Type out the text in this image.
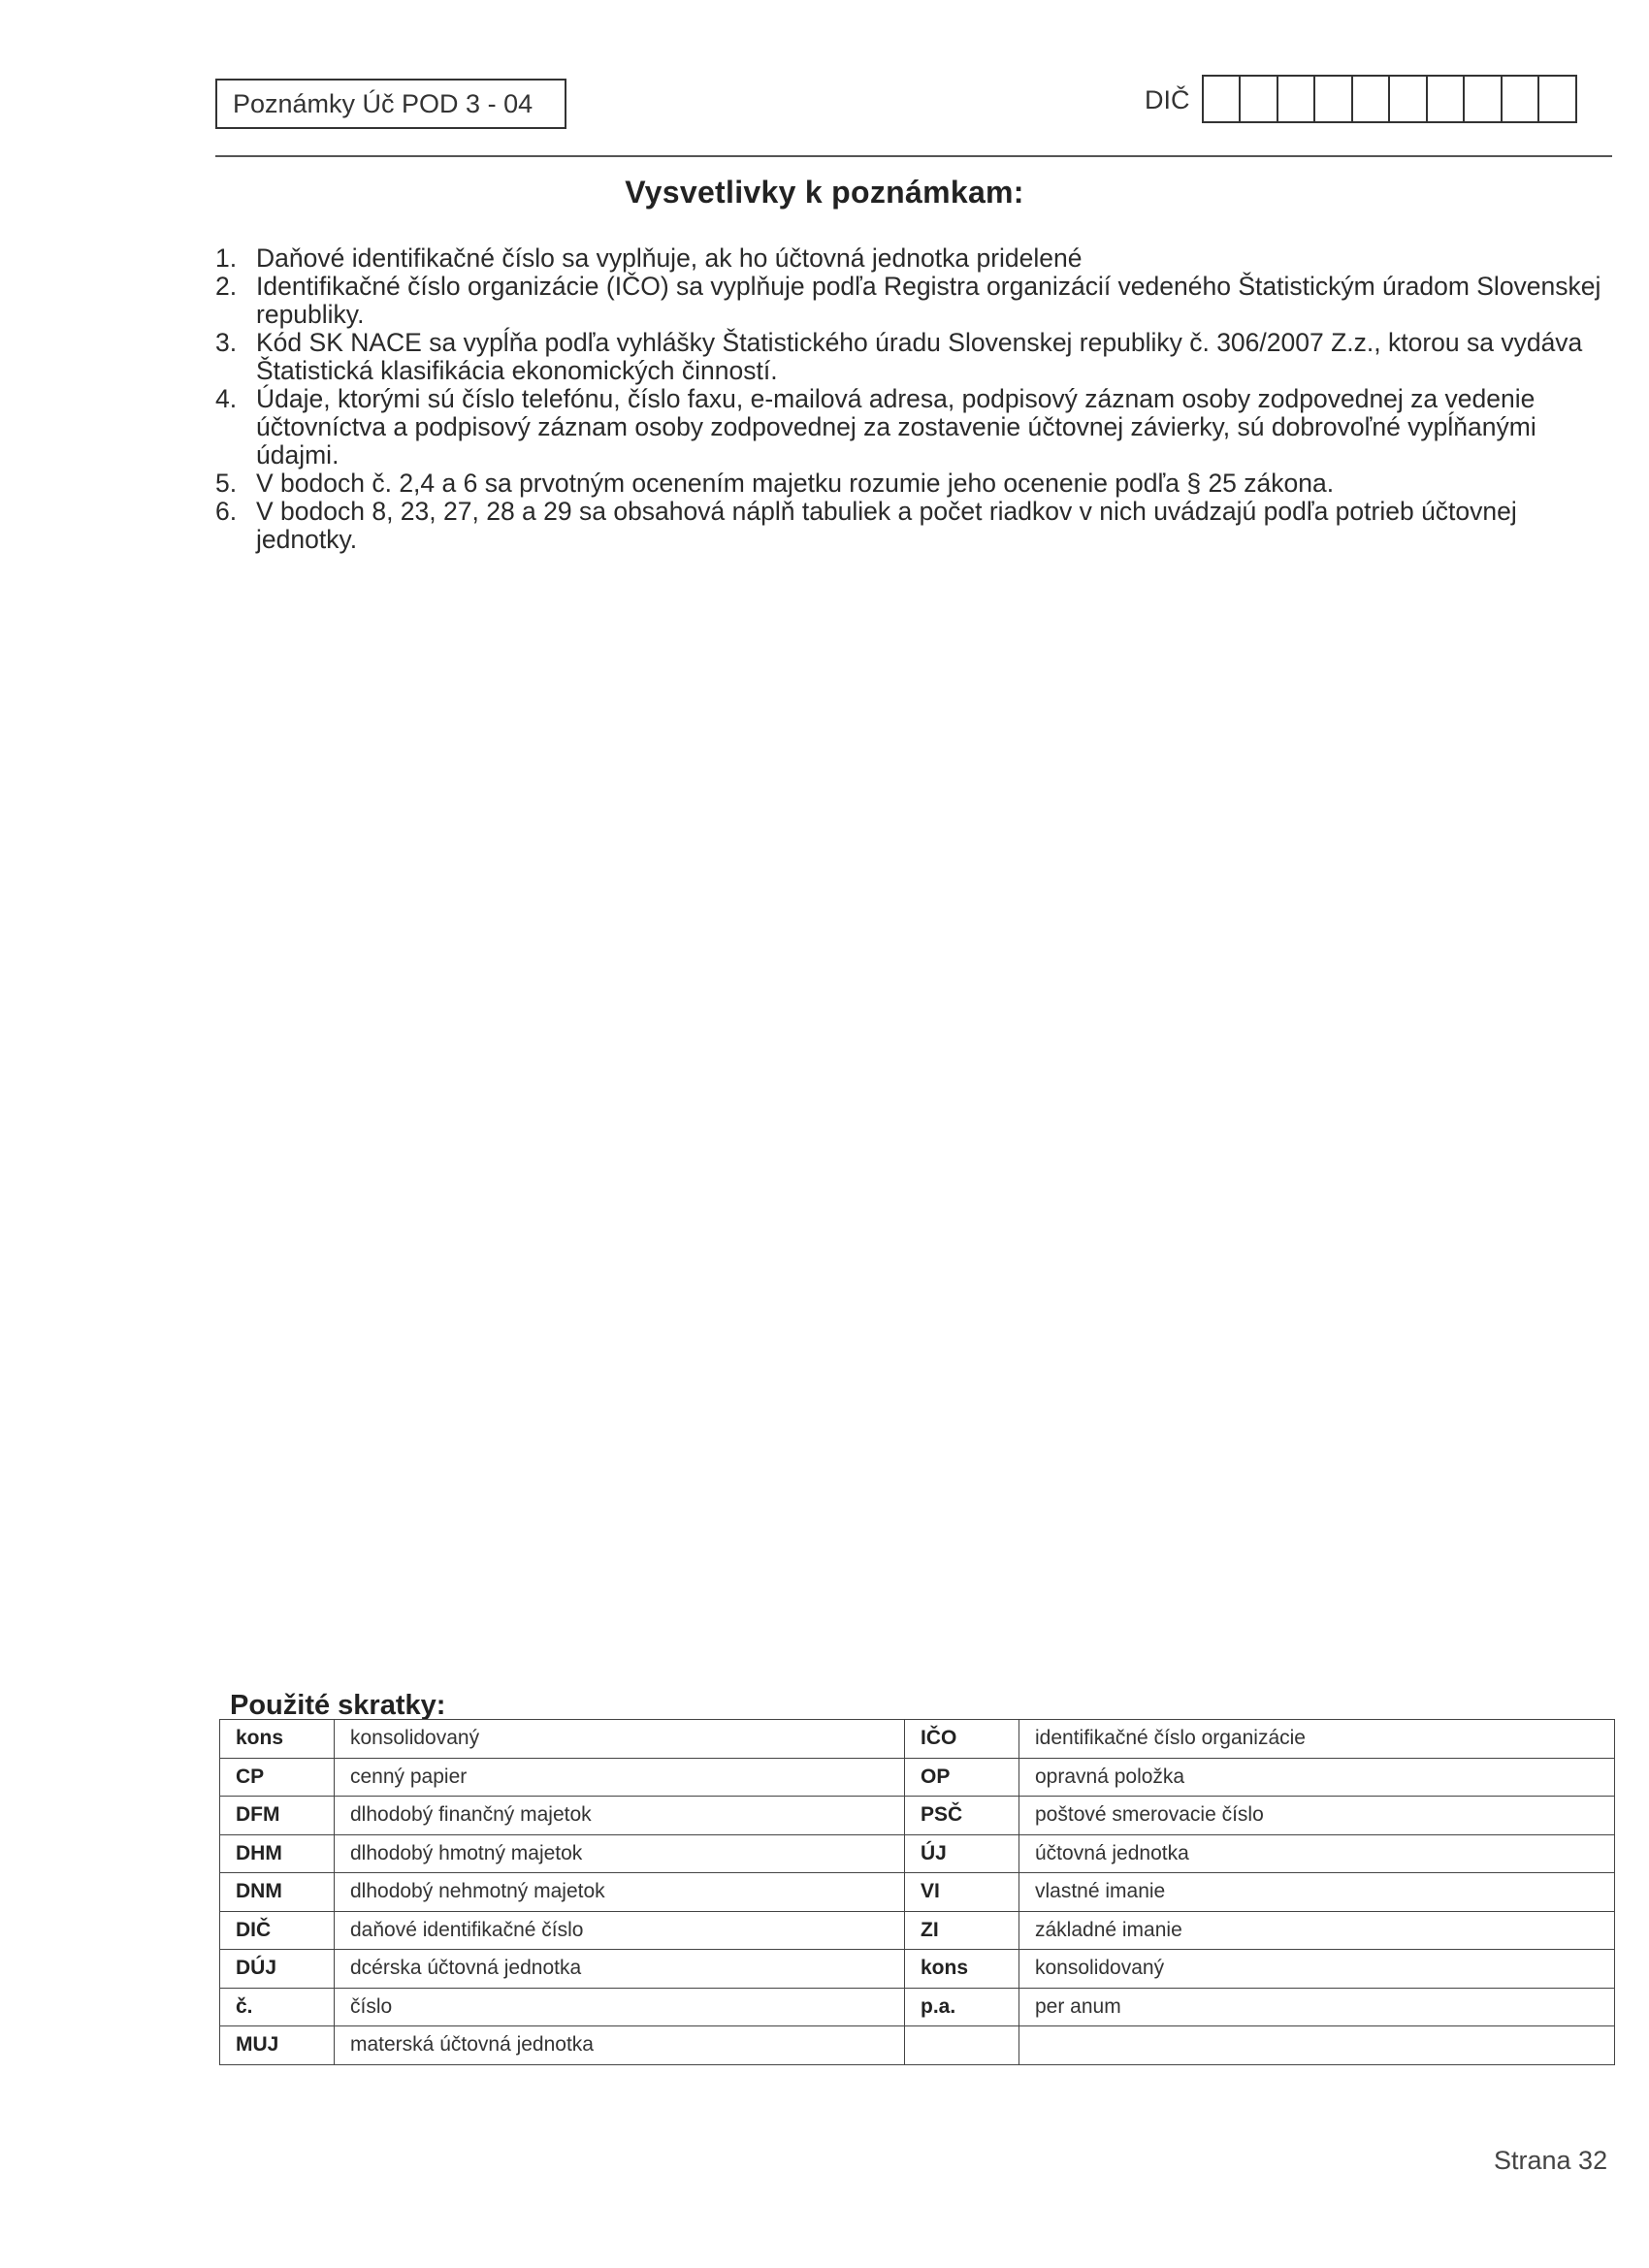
Poznámky Úč POD 3 - 04	DIČ
Vysvetlivky k poznámkam:
1. Daňové identifikačné číslo sa vyplňuje, ak ho účtovná jednotka pridelené
2. Identifikačné číslo organizácie (IČO) sa vyplňuje podľa Registra organizácií vedeného Štatistickým úradom Slovenskej republiky.
3. Kód SK NACE sa vypĺňa podľa vyhlášky Štatistického úradu Slovenskej republiky č. 306/2007 Z.z., ktorou sa vydáva Štatistická klasifikácia ekonomických činností.
4. Údaje, ktorými sú číslo telefónu, číslo faxu, e-mailová adresa, podpisový záznam osoby zodpovednej za vedenie účtovníctva a podpisový záznam osoby zodpovednej za zostavenie účtovnej závierky, sú dobrovoľné vypĺňanými údajmi.
5. V bodoch č. 2,4 a 6 sa prvotným ocenením majetku rozumie jeho ocenenie podľa § 25 zákona.
6. V bodoch 8, 23, 27, 28 a 29 sa obsahová náplň tabuliek a počet riadkov v nich uvádzajú podľa potrieb účtovnej jednotky.
Použité skratky:
kons	konsolidovaný	IČO	identifikačné číslo organizácie
CP	cenný papier	OP	opravná položka
DFM	dlhodobý finančný majetok	PSČ	poštové smerovacie číslo
DHM	dlhodobý hmotný majetok	ÚJ	účtovná jednotka
DNM	dlhodobý nehmotný majetok	VI	vlastné imanie
DIČ	daňové identifikačné číslo	ZI	základné imanie
DÚJ	dcérska účtovná jednotka	kons	konsolidovaný
č.	číslo	p.a.	per anum
MUJ	materská účtovná jednotka		
Strana 32
